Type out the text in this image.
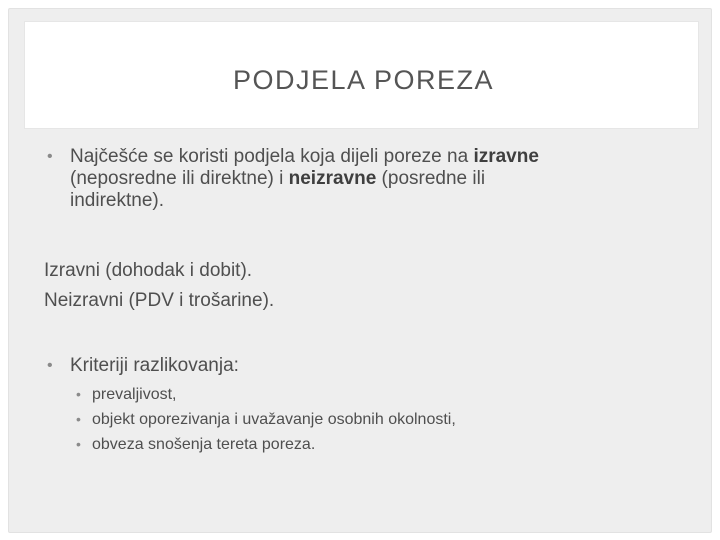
PODJELA POREZA
• Najčešće se koristi podjela koja dijeli poreze na izravne
(neposredne ili direktne) i neizravne (posredne ili
indirektne).
Izravni (dohodak i dobit).
Neizravni (PDV i trošarine).
• Kriteriji razlikovanja:
• prevaljivost,
• objekt oporezivanja i uvažavanje osobnih okolnosti,
• obveza snošenja tereta poreza.
